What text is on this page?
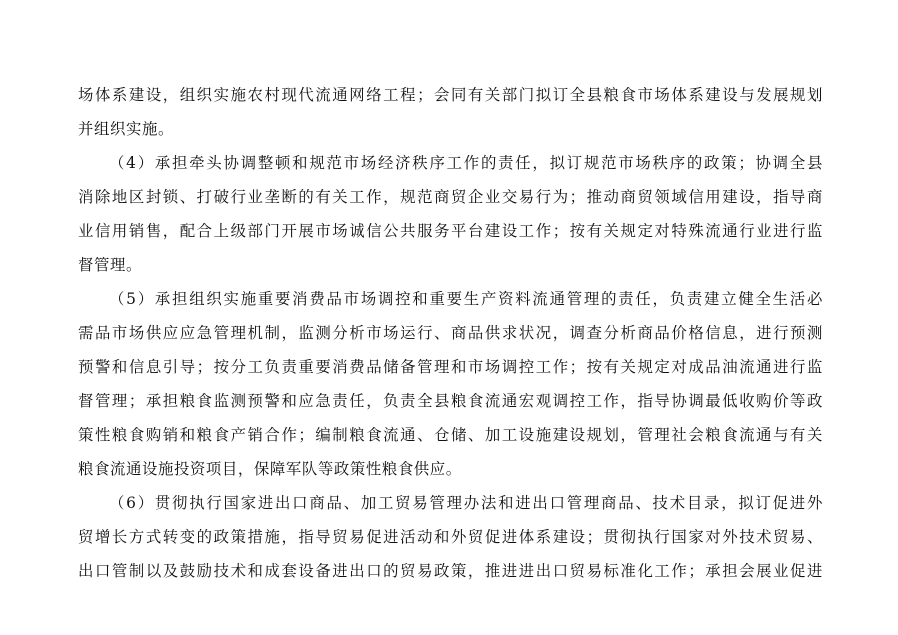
场体系建设，组织实施农村现代流通网络工程；会同有关部门拟订全县粮食市场体系建设与发展规划
并组织实施。
（4）承担牵头协调整顿和规范市场经济秩序工作的责任，拟订规范市场秩序的政策；协调全县
消除地区封锁、打破行业垄断的有关工作，规范商贸企业交易行为；推动商贸领域信用建设，指导商
业信用销售，配合上级部门开展市场诚信公共服务平台建设工作；按有关规定对特殊流通行业进行监
督管理。
（5）承担组织实施重要消费品市场调控和重要生产资料流通管理的责任，负责建立健全生活必
需品市场供应应急管理机制，监测分析市场运行、商品供求状况，调查分析商品价格信息，进行预测
预警和信息引导；按分工负责重要消费品储备管理和市场调控工作；按有关规定对成品油流通进行监
督管理；承担粮食监测预警和应急责任，负责全县粮食流通宏观调控工作，指导协调最低收购价等政
策性粮食购销和粮食产销合作；编制粮食流通、仓储、加工设施建设规划，管理社会粮食流通与有关
粮食流通设施投资项目，保障军队等政策性粮食供应。
（6）贯彻执行国家进出口商品、加工贸易管理办法和进出口管理商品、技术目录，拟订促进外
贸增长方式转变的政策措施，指导贸易促进活动和外贸促进体系建设；贯彻执行国家对外技术贸易、
出口管制以及鼓励技术和成套设备进出口的贸易政策，推进进出口贸易标准化工作；承担会展业促进
